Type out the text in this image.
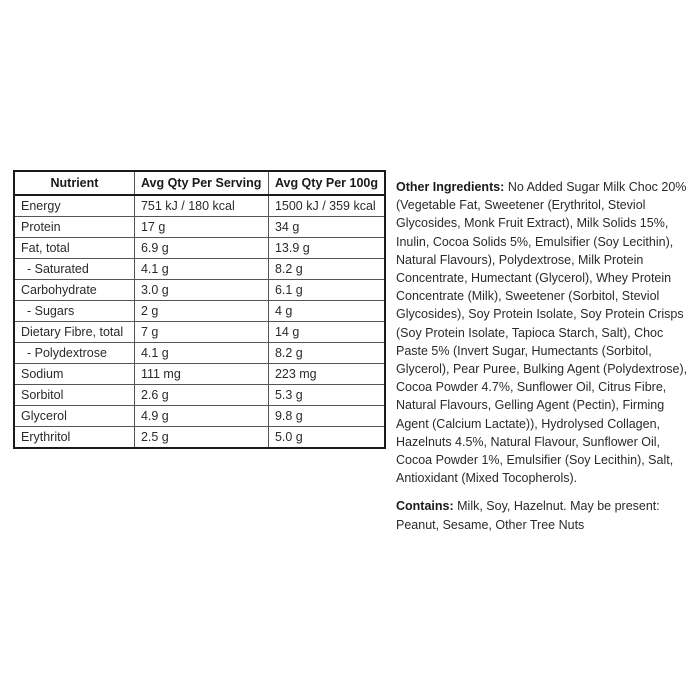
Nutrient	Avg Qty Per Serving	Avg Qty Per 100g
Energy	751 kJ / 180 kcal	1500 kJ / 359 kcal
Protein	17 g	34 g
Fat, total	6.9 g	13.9 g
- Saturated	4.1 g	8.2 g
Carbohydrate	3.0 g	6.1 g
- Sugars	2 g	4 g
Dietary Fibre, total	7 g	14 g
- Polydextrose	4.1 g	8.2 g
Sodium	111 mg	223 mg
Sorbitol	2.6 g	5.3 g
Glycerol	4.9 g	9.8 g
Erythritol	2.5 g	5.0 g

Other Ingredients: No Added Sugar Milk Choc 20% (Vegetable Fat, Sweetener (Erythritol, Steviol Glycosides, Monk Fruit Extract), Milk Solids 15%, Inulin, Cocoa Solids 5%, Emulsifier (Soy Lecithin), Natural Flavours), Polydextrose, Milk Protein Concentrate, Humectant (Glycerol), Whey Protein Concentrate (Milk), Sweetener (Sorbitol, Steviol Glycosides), Soy Protein Isolate, Soy Protein Crisps (Soy Protein Isolate, Tapioca Starch, Salt), Choc Paste 5% (Invert Sugar, Humectants (Sorbitol, Glycerol), Pear Puree, Bulking Agent (Polydextrose), Cocoa Powder 4.7%, Sunflower Oil, Citrus Fibre, Natural Flavours, Gelling Agent (Pectin), Firming Agent (Calcium Lactate)), Hydrolysed Collagen, Hazelnuts 4.5%, Natural Flavour, Sunflower Oil, Cocoa Powder 1%, Emulsifier (Soy Lecithin), Salt, Antioxidant (Mixed Tocopherols).

Contains: Milk, Soy, Hazelnut. May be present: Peanut, Sesame, Other Tree Nuts
